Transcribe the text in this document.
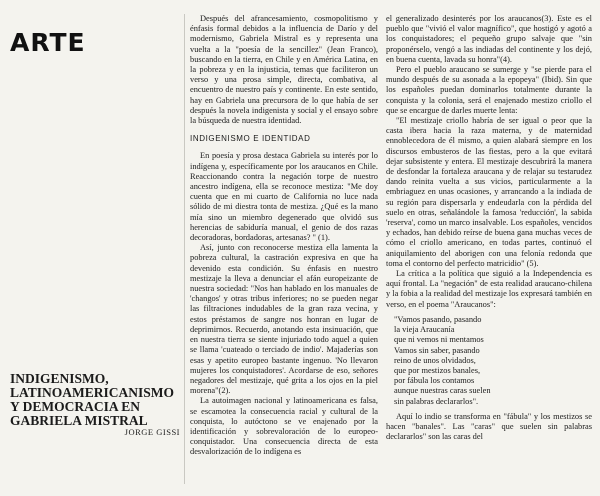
ARTE
INDIGENISMO, LATINOAMERICANISMO Y DEMOCRACIA EN GABRIELA MISTRAL
JORGE GISSI

Después del afrancesamiento, cosmopolitismo y énfasis formal debidos a la influencia de Darío y del modernismo, Gabriela Mistral es y representa una vuelta a la "poesía de la sencillez" (Jean Franco), buscando en la tierra, en Chile y en América Latina, en la pobreza y en la injusticia, temas que faciliteron un verso y una prosa simple, directa, combativa, al encuentro de nuestro país y continente. En este sentido, hay en Gabriela una precursora de lo que había de ser después la novela indigenista y social y el ensayo sobre la búsqueda de nuestra identidad.

INDIGENISMO E IDENTIDAD

En poesía y prosa destaca Gabriela su interés por lo indígena y, específicamente por los araucanos en Chile. Reaccionando contra la negación torpe de nuestro ancestro indígena, ella se reconoce mestiza: "Me doy cuenta que en mi cuarto de California no luce nada sólido de mi diestra tonta de mestiza. ¿Qué es la mano mía sino un miembro degenerado que olvidó sus herencias de sabiduría manual, el genio de dos razas decoradoras, bordadoras, artesanas? " (1).

Así, junto con reconocerse mestiza ella lamenta la pobreza cultural, la castración expresiva en que ha devenido esta condición. Su énfasis en nuestro mestizaje la lleva a denunciar el afán europeizante de nuestra sociedad: "Nos han hablado en los manuales de 'changos' y otras tribus inferiores; no se pueden negar las filtraciones indudables de la gran raza vecina, y estos préstamos de sangre nos honran en lugar de deprimirnos. Recuerdo, anotando esta insinuación, que en nuestra tierra se siente injuriado todo aquel a quien se llama 'cuateado o terciado de indio'. Majaderías son esas y apetito europeo bastante ingenuo. 'No llevaron mujeres los conquistadores'. Acordarse de eso, señores negadores del mestizaje, qué grita a los ojos en la piel morena"(2).

La autoimagen nacional y latinoamericana es falsa, se escamotea la consecuencia racial y cultural de la conquista, lo autóctono se ve enajenado por la identificación y sobrevaloración de lo europeo-conquistador. Una consecuencia directa de esta desvalorización de lo indígena es

el generalizado desinterés por los araucanos(3). Este es el pueblo que "vivió el valor magnífico", que hostigó y agotó a los conquistadores; el pequeño grupo salvaje que "sin proponérselo, vengó a las indiadas del continente y los dejó, en buena cuenta, lavada su honra"(4).

Pero el pueblo araucano se sumerge y "se pierde para el mundo después de su asonada a la epopeya" (Ibid). Sin que los españoles puedan dominarlos totalmente durante la conquista y la colonia, será el enajenado mestizo criollo el que se encargue de darles muerte lenta:

"El mestizaje criollo habría de ser igual o peor que la casta ibera hacia la raza materna, y de maternidad ennoblecedora de él mismo, a quien alabará siempre en los discursos embusteros de las fiestas, pero a la que evitará dejar subsistente y entera. El mestizaje descubrirá la manera de desfondar la fortaleza araucana y de relajar su testarudez dando reinita vuelta a sus vicios, particularmente a la embriaguez en unas ocasiones, y arrancando a la indiada de su región para dispersarla y endeudarla con la pérdida del suelo en otras, señalándole la famosa 'reducción', la sabida 'reserva', como un marco insalvable. Los españoles, vencidos y echados, han debido reírse de buena gana muchas veces de cómo el criollo americano, en todas partes, continuó el aniquilamiento del aborigen con una felonía redonda que toma el contorno del perfecto matricidio" (5).

La crítica a la política que siguió a la Independencia es aquí frontal. La "negación" de esta realidad araucano-chilena y la fobia a la realidad del mestizaje los expresará también en verso, en el poema "Araucanos":

"Vamos pasando, pasando
la vieja Araucanía
que ni vemos ni mentamos
Vamos sin saber, pasando
reino de unos olvidados,
que por mestizos banales,
por fábula los contamos
aunque nuestras caras suelen
sin palabras declararlos".

Aquí lo indio se transforma en "fábula" y los mestizos se hacen "banales". Las "caras" que suelen sin palabras declararlos" son las caras del
